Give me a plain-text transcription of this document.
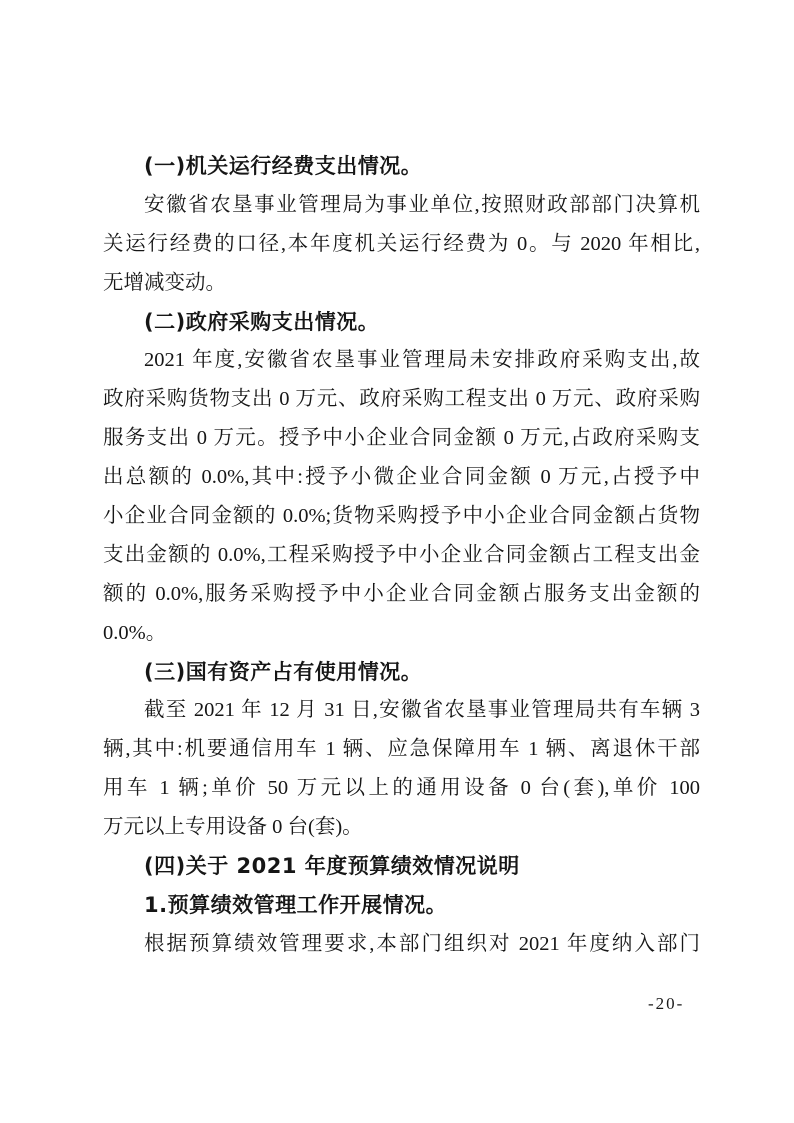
(一)机关运行经费支出情况。
安徽省农垦事业管理局为事业单位,按照财政部部门决算机
关运行经费的口径,本年度机关运行经费为 0。与 2020 年相比,
无增减变动。
(二)政府采购支出情况。
2021 年度,安徽省农垦事业管理局未安排政府采购支出,故
政府采购货物支出 0 万元、政府采购工程支出 0 万元、政府采购
服务支出 0 万元。授予中小企业合同金额 0 万元,占政府采购支
出总额的 0.0%,其中:授予小微企业合同金额 0 万元,占授予中
小企业合同金额的 0.0%;货物采购授予中小企业合同金额占货物
支出金额的 0.0%,工程采购授予中小企业合同金额占工程支出金
额的 0.0%,服务采购授予中小企业合同金额占服务支出金额的
0.0%。
(三)国有资产占有使用情况。
截至 2021 年 12 月 31 日,安徽省农垦事业管理局共有车辆 3
辆,其中:机要通信用车 1 辆、应急保障用车 1 辆、离退休干部
用车 1 辆;单价 50 万元以上的通用设备 0 台(套),单价 100
万元以上专用设备 0 台(套)。
(四)关于 2021 年度预算绩效情况说明
1.预算绩效管理工作开展情况。
根据预算绩效管理要求,本部门组织对 2021 年度纳入部门
-20-
